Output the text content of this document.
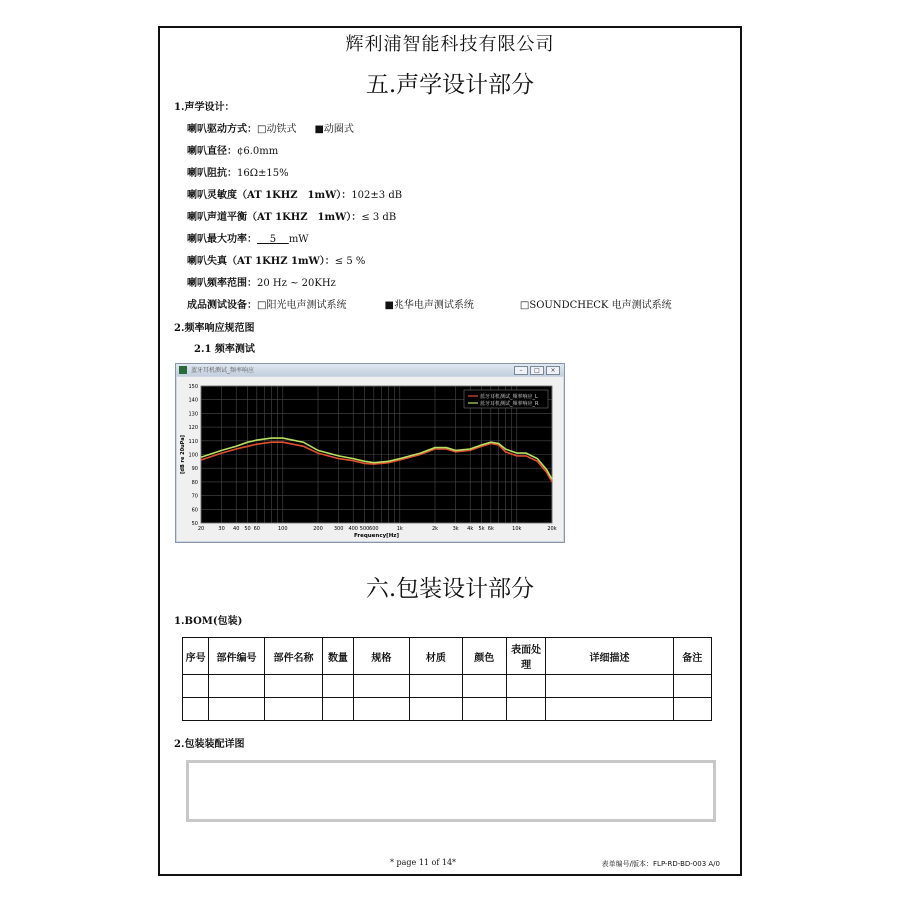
辉利浦智能科技有限公司
五.声学设计部分
1.声学设计：
喇叭驱动方式：□动铁式 ■动圈式
喇叭直径：¢6.0mm
喇叭阻抗：16Ω±15%
喇叭灵敏度（AT 1KHZ　1mW）：102±3 dB
喇叭声道平衡（AT 1KHZ　1mW）：≤ 3 dB
喇叭最大功率： 5 mW
喇叭失真（AT 1KHZ 1mW）：≤ 5 %
喇叭频率范围：20 Hz ~ 20KHz
成品测试设备：□阳光电声测试系统	■兆华电声测试系统	□SOUNDCHECK 电声测试系统
2.频率响应规范图
2.1 频率测试
蓝牙耳机测试_频率响应	–	□	×
50
60
70
80
90
100
110
120
130
140
150
20	30 40 50 60	100	200 300 400 500 600	1k	2k	3k 4k 5k 6k	10k	20k
Frequency[Hz]
[dB re 20uPa]
蓝牙耳机测试_频率响应_L
蓝牙耳机测试_频率响应_R
六.包装设计部分
1.BOM(包装)
序号	部件编号	部件名称	数量	规格	材质	颜色	表面处理	详细描述	备注

2.包装装配详图
* page 11 of 14*	表单编号/版本：FLP-RD-BD-003 A/0
